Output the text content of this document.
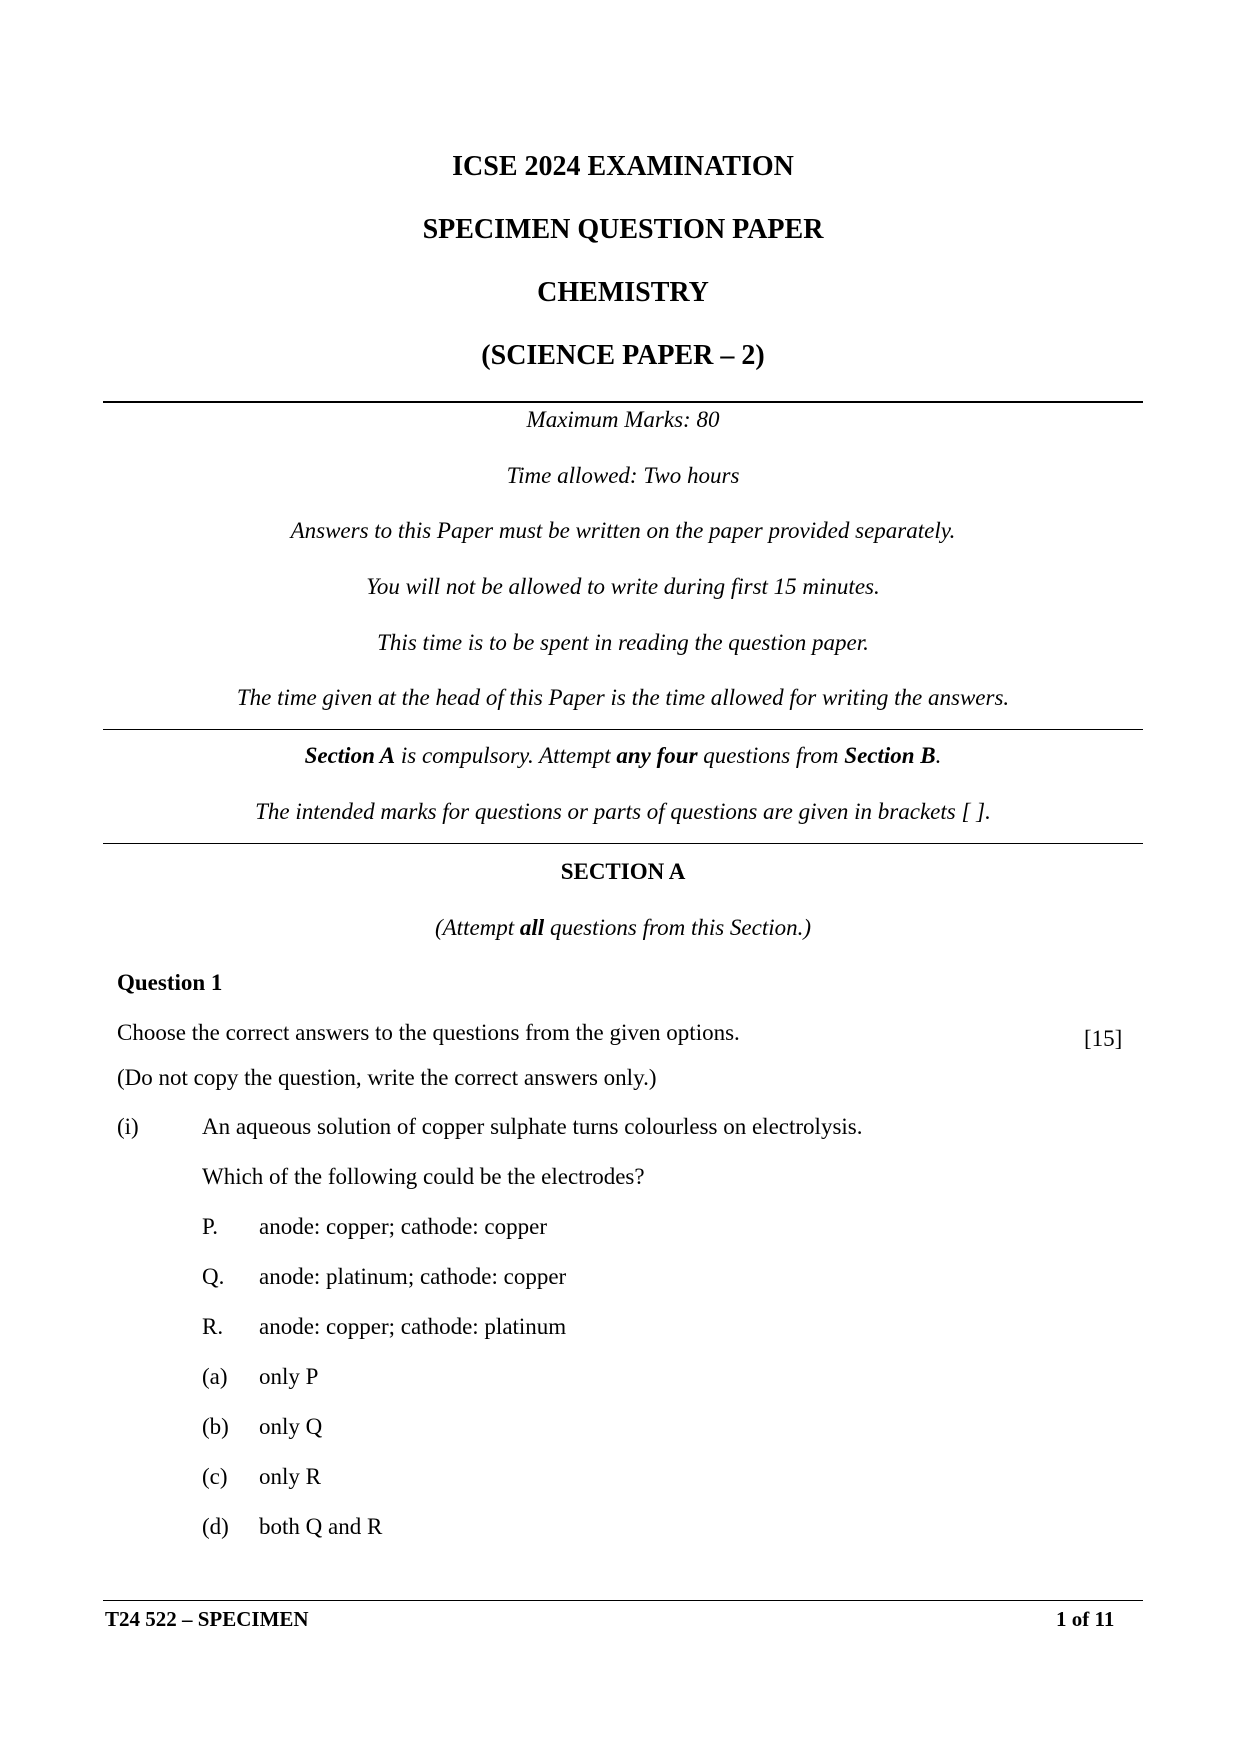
ICSE 2024 EXAMINATION
SPECIMEN QUESTION PAPER
CHEMISTRY
(SCIENCE PAPER – 2)
Maximum Marks: 80
Time allowed: Two hours
Answers to this Paper must be written on the paper provided separately.
You will not be allowed to write during first 15 minutes.
This time is to be spent in reading the question paper.
The time given at the head of this Paper is the time allowed for writing the answers.
Section A is compulsory. Attempt any four questions from Section B.
The intended marks for questions or parts of questions are given in brackets [ ].
SECTION A
(Attempt all questions from this Section.)
Question 1
Choose the correct answers to the questions from the given options.	[15]
(Do not copy the question, write the correct answers only.)
(i)	An aqueous solution of copper sulphate turns colourless on electrolysis.
Which of the following could be the electrodes?
P. anode: copper; cathode: copper
Q. anode: platinum; cathode: copper
R. anode: copper; cathode: platinum
(a) only P
(b) only Q
(c) only R
(d) both Q and R
T24 522 – SPECIMEN	1 of 11
